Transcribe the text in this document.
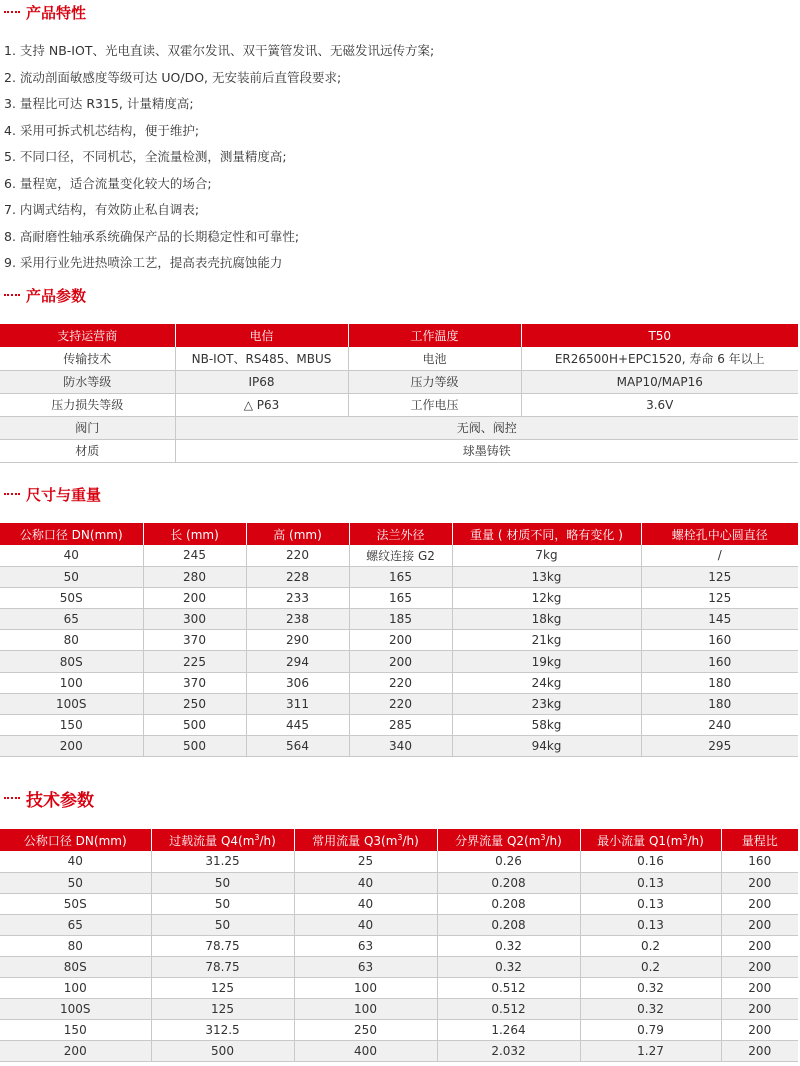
产品特性
1. 支持 NB-IOT、光电直读、双霍尔发讯、双干簧管发讯、无磁发讯远传方案;
2. 流动剖面敏感度等级可达 UO/DO, 无安装前后直管段要求;
3. 量程比可达 R315, 计量精度高;
4. 采用可拆式机芯结构，便于维护;
5. 不同口径，不同机芯，全流量检测，测量精度高;
6. 量程宽，适合流量变化较大的场合;
7. 内调式结构，有效防止私自调表;
8. 高耐磨性轴承系统确保产品的长期稳定性和可靠性;
9. 采用行业先进热喷涂工艺，提高表壳抗腐蚀能力
产品参数
支持运营商	电信	工作温度	T50
传输技术	NB-IOT、RS485、MBUS	电池	ER26500H+EPC1520, 寿命 6 年以上
防水等级	IP68	压力等级	MAP10/MAP16
压力损失等级	△ P63	工作电压	3.6V
阀门	无阀、阀控		
材质	球墨铸铁		
尺寸与重量
公称口径 DN(mm)	长 (mm)	高 (mm)	法兰外径	重量 ( 材质不同，略有变化 )	螺栓孔中心圆直径
40	245	220	螺纹连接 G2	7kg	/
50	280	228	165	13kg	125
50S	200	233	165	12kg	125
65	300	238	185	18kg	145
80	370	290	200	21kg	160
80S	225	294	200	19kg	160
100	370	306	220	24kg	180
100S	250	311	220	23kg	180
150	500	445	285	58kg	240
200	500	564	340	94kg	295
技术参数
公称口径 DN(mm)	过载流量 $Q4(m^3/h)$	常用流量 $Q3(m^3/h)$	分界流量 $Q2(m^3/h)$	最小流量 $Q1(m^3/h)$	量程比
40	31.25	25	0.26	0.16	160
50	50	40	0.208	0.13	200
50S	50	40	0.208	0.13	200
65	50	40	0.208	0.13	200
80	78.75	63	0.32	0.2	200
80S	78.75	63	0.32	0.2	200
100	125	100	0.512	0.32	200
100S	125	100	0.512	0.32	200
150	312.5	250	1.264	0.79	200
200	500	400	2.032	1.27	200
